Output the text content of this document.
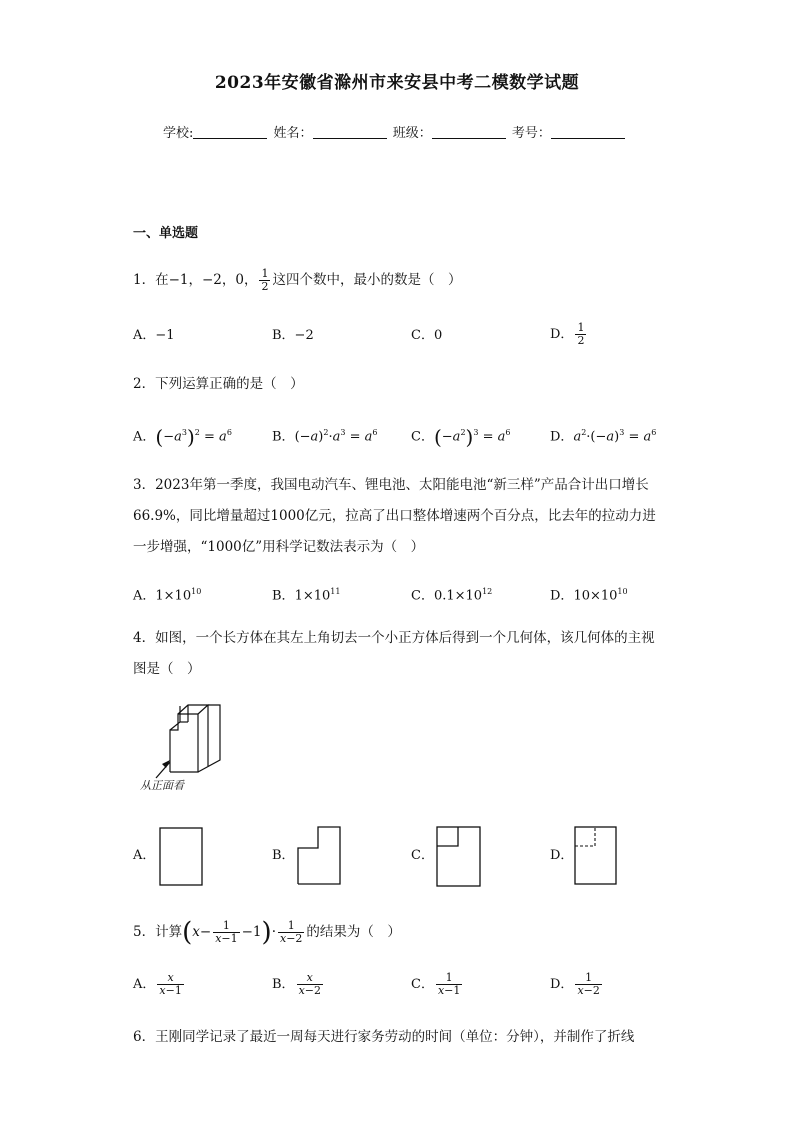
2023年安徽省滁州市来安县中考二模数学试题
学校:	姓名：	班级：	考号：
一、单选题
1．在−1，−2，0， $\frac{1}{2}$ 这四个数中，最小的数是（　）
A．−1	B．−2	C．0	D． $\frac{1}{2}$
2．下列运算正确的是（　）
A．$(-a^3)^2 = a^6$	B．$(-a)^2\cdot a^3 = a^6$	C．$(-a^2)^3 = a^6$	D．$a^2\cdot(-a)^3 = a^6$
3．2023年第一季度，我国电动汽车、锂电池、太阳能电池“新三样”产品合计出口增长66.9%，同比增量超过1000亿元，拉高了出口整体增速两个百分点，比去年的拉动力进一步增强，“1000亿”用科学记数法表示为（　）
A．$1\times 10^{10}$	B．$1\times 10^{11}$	C．$0.1\times 10^{12}$	D．$10\times 10^{10}$
4．如图，一个长方体在其左上角切去一个小正方体后得到一个几何体，该几何体的主视图是（　）
从正面看
A．	B．	C．	D．
5．计算$(x- \frac{1}{x-1} -1)\cdot \frac{1}{x-2}$ 的结果为（　）
A． $\frac{x}{x-1}$	B． $\frac{x}{x-2}$	C． $\frac{1}{x-1}$	D． $\frac{1}{x-2}$
6．王刚同学记录了最近一周每天进行家务劳动的时间（单位：分钟），并制作了折线
